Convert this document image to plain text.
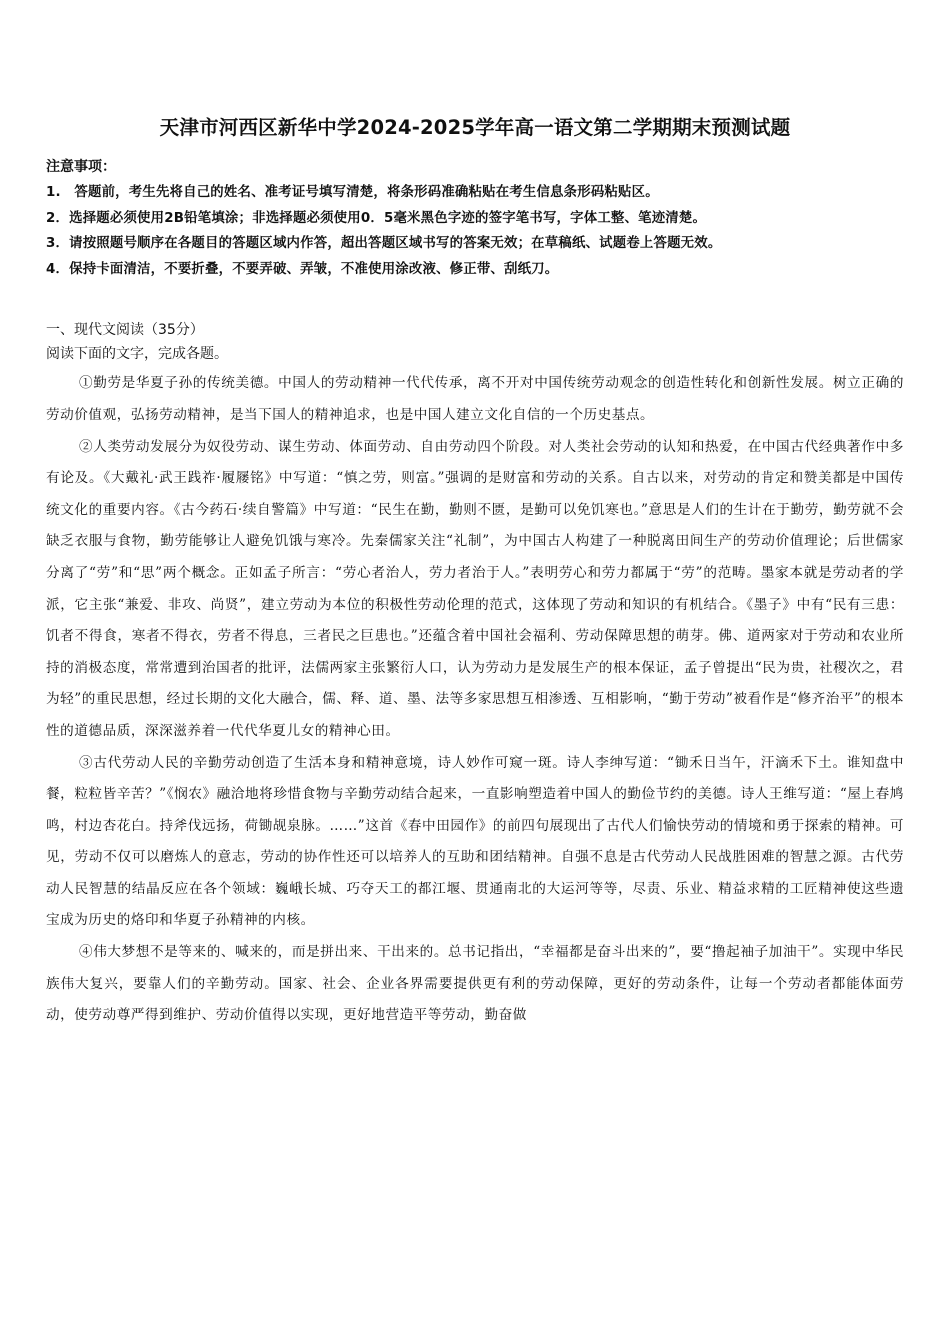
天津市河西区新华中学2024-2025学年高一语文第二学期期末预测试题

注意事项：

1.　答题前，考生先将自己的姓名、准考证号填写清楚，将条形码准确粘贴在考生信息条形码粘贴区。
2．选择题必须使用2B铅笔填涂；非选择题必须使用0．5毫米黑色字迹的签字笔书写，字体工整、笔迹清楚。
3．请按照题号顺序在各题目的答题区域内作答，超出答题区域书写的答案无效；在草稿纸、试题卷上答题无效。
4．保持卡面清洁，不要折叠，不要弄破、弄皱，不准使用涂改液、修正带、刮纸刀。

一、现代文阅读（35分）

阅读下面的文字，完成各题。

①勤劳是华夏子孙的传统美德。中国人的劳动精神一代代传承，离不开对中国传统劳动观念的创造性转化和创新性发展。树立正确的劳动价值观，弘扬劳动精神，是当下国人的精神追求，也是中国人建立文化自信的一个历史基点。

②人类劳动发展分为奴役劳动、谋生劳动、体面劳动、自由劳动四个阶段。对人类社会劳动的认知和热爱，在中国古代经典著作中多有论及。《大戴礼·武王践祚·履屦铭》中写道：“慎之劳，则富。”强调的是财富和劳动的关系。自古以来，对劳动的肯定和赞美都是中国传统文化的重要内容。《古今药石·续自警篇》中写道：“民生在勤，勤则不匮，是勤可以免饥寒也。”意思是人们的生计在于勤劳，勤劳就不会缺乏衣服与食物，勤劳能够让人避免饥饿与寒冷。先秦儒家关注“礼制”，为中国古人构建了一种脱离田间生产的劳动价值理论；后世儒家分离了“劳”和“思”两个概念。正如孟子所言：“劳心者治人，劳力者治于人。”表明劳心和劳力都属于“劳”的范畴。墨家本就是劳动者的学派，它主张“兼爱、非攻、尚贤”，建立劳动为本位的积极性劳动伦理的范式，这体现了劳动和知识的有机结合。《墨子》中有“民有三患：饥者不得食，寒者不得衣，劳者不得息，三者民之巨患也。”还蕴含着中国社会福利、劳动保障思想的萌芽。佛、道两家对于劳动和农业所持的消极态度，常常遭到治国者的批评，法儒两家主张繁衍人口，认为劳动力是发展生产的根本保证，孟子曾提出“民为贵，社稷次之，君为轻”的重民思想，经过长期的文化大融合，儒、释、道、墨、法等多家思想互相渗透、互相影响，“勤于劳动”被看作是“修齐治平”的根本性的道德品质，深深滋养着一代代华夏儿女的精神心田。

③古代劳动人民的辛勤劳动创造了生活本身和精神意境，诗人妙作可窥一斑。诗人李绅写道：“锄禾日当午，汗滴禾下土。谁知盘中餐，粒粒皆辛苦？”《悯农》融洽地将珍惜食物与辛勤劳动结合起来，一直影响塑造着中国人的勤俭节约的美德。诗人王维写道：“屋上春鸠鸣，村边杏花白。持斧伐远扬，荷锄觇泉脉。……”这首《春中田园作》的前四句展现出了古代人们愉快劳动的情境和勇于探索的精神。可见，劳动不仅可以磨炼人的意志，劳动的协作性还可以培养人的互助和团结精神。自强不息是古代劳动人民战胜困难的智慧之源。古代劳动人民智慧的结晶反应在各个领域：巍峨长城、巧夺天工的都江堰、贯通南北的大运河等等，尽责、乐业、精益求精的工匠精神使这些遗宝成为历史的烙印和华夏子孙精神的内核。

④伟大梦想不是等来的、喊来的，而是拼出来、干出来的。总书记指出，“幸福都是奋斗出来的”，要“撸起袖子加油干”。实现中华民族伟大复兴，要靠人们的辛勤劳动。国家、社会、企业各界需要提供更有利的劳动保障，更好的劳动条件，让每一个劳动者都能体面劳动，使劳动尊严得到维护、劳动价值得以实现，更好地营造平等劳动，勤奋做
